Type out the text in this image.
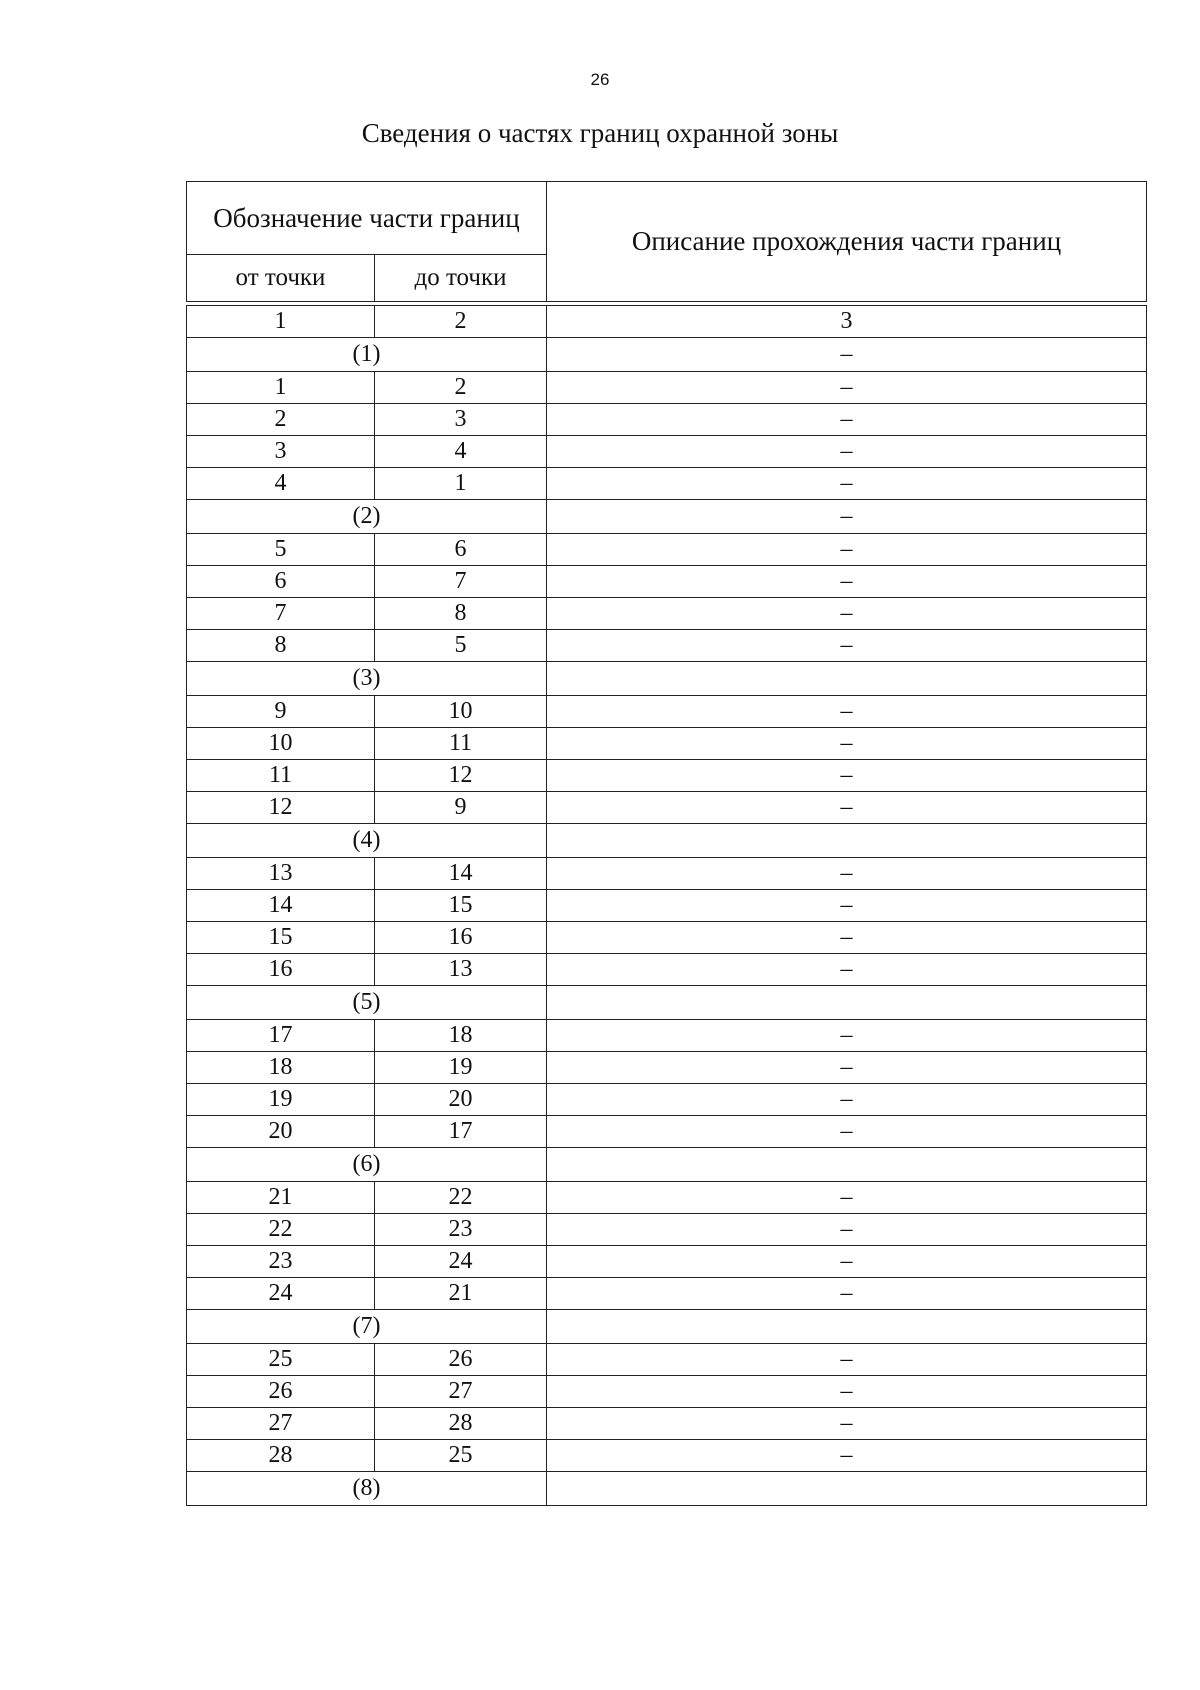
26
Сведения о частях границ охранной зоны
Обозначение части границ		Описание прохождения части границ
от точки	до точки	

1	2	3
(1)		–
1	2	–
2	3	–
3	4	–
4	1	–
(2)		–
5	6	–
6	7	–
7	8	–
8	5	–
(3)		
9	10	–
10	11	–
11	12	–
12	9	–
(4)		
13	14	–
14	15	–
15	16	–
16	13	–
(5)		
17	18	–
18	19	–
19	20	–
20	17	–
(6)		
21	22	–
22	23	–
23	24	–
24	21	–
(7)		
25	26	–
26	27	–
27	28	–
28	25	–
(8)		
